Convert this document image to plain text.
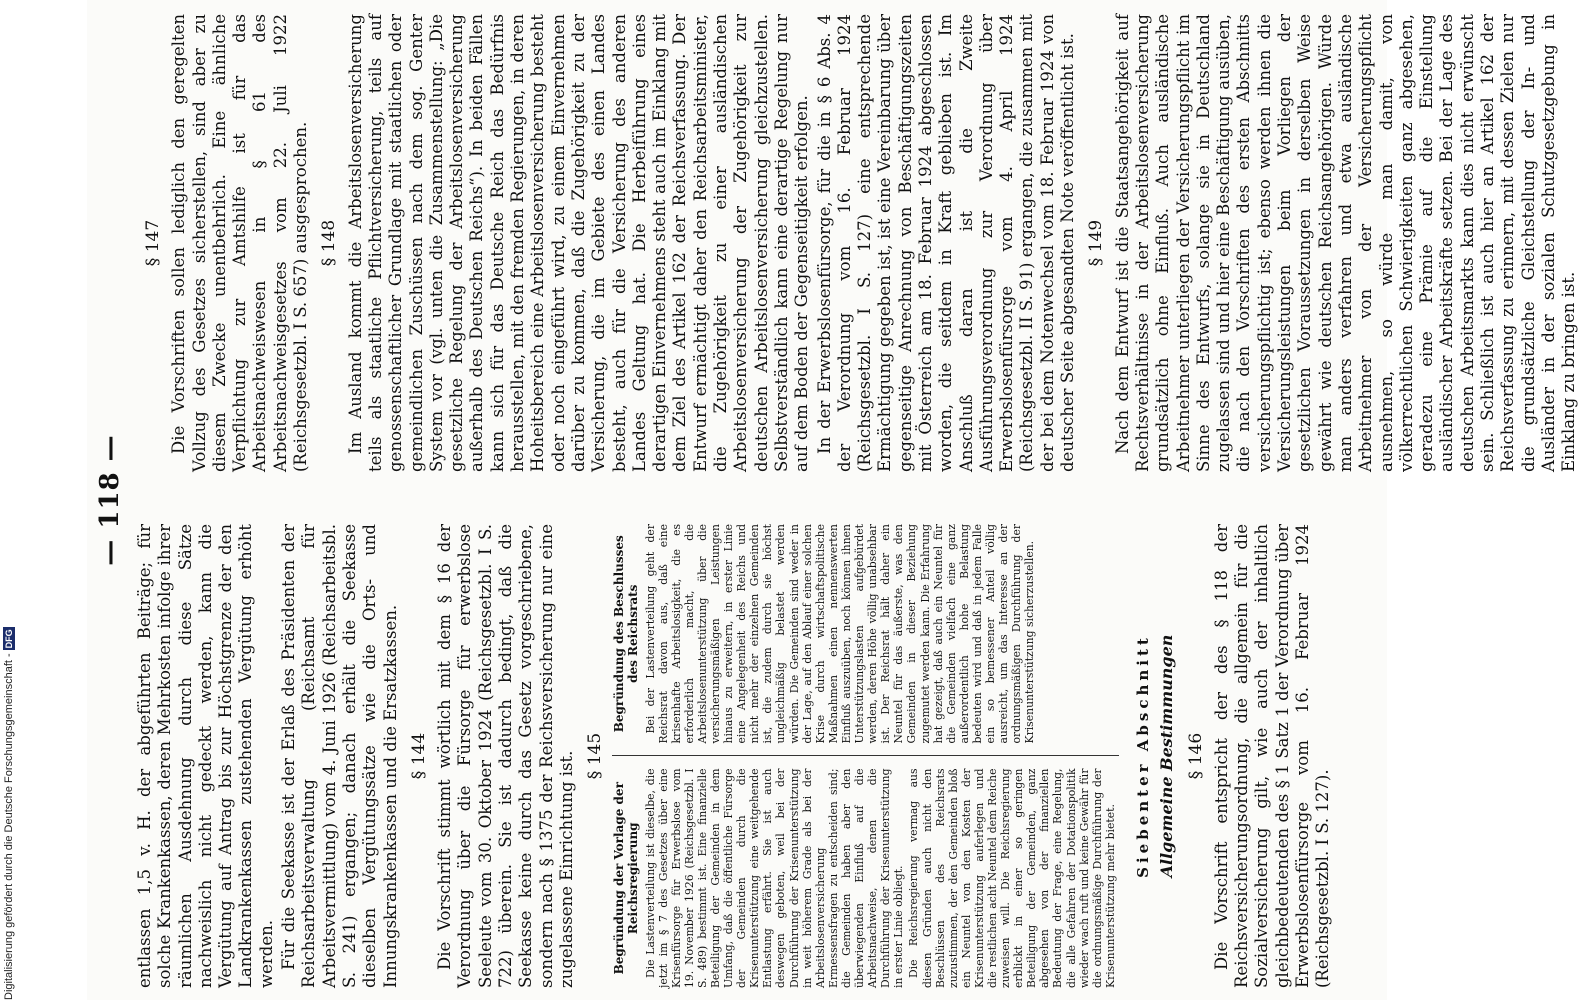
— 118 —

entlassen 1,5 v. H. der abgeführten Beiträge; für solche Krankenkassen, deren Mehrkosten infolge ihrer räumlichen Ausdehnung durch diese Sätze nachweislich nicht gedeckt werden, kann die Vergütung auf Antrag bis zur Höchstgrenze der den Landkrankenkassen zustehenden Vergütung erhöht werden. Für die Seekasse ist der Erlaß des Präsidenten der Reichsarbeitsverwaltung (Reichsamt für Arbeitsvermittlung) vom 4. Juni 1926 (Reichsarbeitsbl. S. 241) ergangen; danach erhält die Seekasse dieselben Vergütungssätze wie die Orts- und Innungskrankenkassen und die Ersatzkassen. § 144 Die Vorschrift stimmt wörtlich mit dem § 16 der Verordnung über die Fürsorge für erwerbslose Seeleute vom 30. Oktober 1924 (Reichsgesetzbl. I S. 722) überein. Sie ist dadurch bedingt, daß die Seekasse keine durch das Gesetz vorgeschriebene, sondern nach § 1375 der Reichsversicherung nur eine zugelassene Einrichtung ist. § 145
Begründung der Vorlage der Reichsregierung Die Lastenverteilung ist dieselbe, die jetzt im § 7 des Gesetzes über eine Krisenfürsorge für Erwerbslose vom 19. November 1926 (Reichsgesetzbl. I S. 489) bestimmt ist. Eine finanzielle Beteiligung der Gemeinden in dem Umfang, daß die öffentliche Fürsorge der Gemeinden durch die Krisenunterstützung eine weitgehende Entlastung erfährt. Sie ist auch deswegen geboten, weil bei der Durchführung der Krisenunterstützung in weit höherem Grade als bei der Arbeitslosenversicherung Ermessensfragen zu entscheiden sind; die Gemeinden haben aber den überwiegenden Einfluß auf die Arbeitsnachweise, denen die Durchführung der Krisenunterstützung in erster Linie obliegt. Die Reichsregierung vermag aus diesen Gründen auch nicht den Beschlüssen des Reichsrats zuzustimmen, der den Gemeinden bloß ein Neuntel von den Kosten der Krisenunterstützung auferlegen und die restlichen acht Neuntel dem Reiche zuweisen will. Die Reichsregierung erblickt in einer so geringen Beteiligung der Gemeinden, ganz abgesehen von der finanziellen Bedeutung der Frage, eine Regelung, die alle Gefahren der Dotationspolitik wieder wach ruft und keine Gewähr für die ordnungsmäßige Durchführung der Krisenunterstützung mehr bietet.

Begründung des Beschlusses des Reichsrats Bei der Lastenverteilung geht der Reichsrat davon aus, daß eine krisenhafte Arbeitslosigkeit, die es erforderlich macht, die Arbeitslosenunterstützung über die versicherungsmäßigen Leistungen hinaus zu erweitern, in erster Linie eine Angelegenheit des Reichs und nicht mehr der einzelnen Gemeinden ist, die zudem durch sie höchst ungleichmäßig belastet werden würden. Die Gemeinden sind weder in der Lage, auf den Ablauf einer solchen Krise durch wirtschaftspolitische Maßnahmen einen nennenswerten Einfluß auszuüben, noch können ihnen Unterstützungslasten aufgebürdet werden, deren Höhe völlig unabsehbar ist. Der Reichsrat hält daher ein Neuntel für das äußerste, was den Gemeinden in dieser Beziehung zugemutet werden kann. Die Erfahrung hat gezeigt, daß auch ein Neuntel für die Gemeinden vielfach eine ganz außerordentlich hohe Belastung bedeuten wird und daß in jedem Falle ein so bemessener Anteil völlig ausreicht, um das Interesse an der ordnungsmäßigen Durchführung der Krisenunterstützung sicherzustellen.	Siebenter Abschnitt Allgemeine Bestimmungen § 146 Die Vorschrift entspricht der des § 118 der Reichsversicherungsordnung, die allgemein für die Sozialversicherung gilt, wie auch der inhaltlich gleichbedeutenden des § 1 Satz 1 der Verordnung über Erwerbslosenfürsorge vom 16. Februar 1924 (Reichsgesetzbl. I S. 127).

§ 147 Die Vorschriften sollen lediglich den geregelten Vollzug des Gesetzes sicherstellen, sind aber zu diesem Zwecke unentbehrlich. Eine ähnliche Verpflichtung zur Amtshilfe ist für das Arbeitsnachweiswesen in § 61 des Arbeitsnachweisgesetzes vom 22. Juli 1922 (Reichsgesetzbl. I S. 657) ausgesprochen. § 148 Im Ausland kommt die Arbeitslosenversicherung teils als staatliche Pflichtversicherung, teils auf genossenschaftlicher Grundlage mit staatlichen oder gemeindlichen Zuschüssen nach dem sog. Genter System vor (vgl. unten die Zusammenstellung: „Die gesetzliche Regelung der Arbeitslosenversicherung außerhalb des Deutschen Reichs“). In beiden Fällen kann sich für das Deutsche Reich das Bedürfnis herausstellen, mit den fremden Regierungen, in deren Hoheitsbereich eine Arbeitslosenversicherung besteht oder noch eingeführt wird, zu einem Einvernehmen darüber zu kommen, daß die Zugehörigkeit zu der Versicherung, die im Gebiete des einen Landes besteht, auch für die Versicherung des anderen Landes Geltung hat. Die Herbeiführung eines derartigen Einvernehmens steht auch im Einklang mit dem Ziel des Artikel 162 der Reichsverfassung. Der Entwurf ermächtigt daher den Reichsarbeitsminister, die Zugehörigkeit zu einer ausländischen Arbeitslosenversicherung der Zugehörigkeit zur deutschen Arbeitslosenversicherung gleichzustellen. Selbstverständlich kann eine derartige Regelung nur auf dem Boden der Gegenseitigkeit erfolgen. In der Erwerbslosenfürsorge, für die in § 6 Abs. 4 der Verordnung vom 16. Februar 1924 (Reichsgesetzbl. I S. 127) eine entsprechende Ermächtigung gegeben ist, ist eine Vereinbarung über gegenseitige Anrechnung von Beschäftigungszeiten mit Österreich am 18. Februar 1924 abgeschlossen worden, die seitdem in Kraft geblieben ist. Im Anschluß daran ist die Zweite Ausführungsverordnung zur Verordnung über Erwerbslosenfürsorge vom 4. April 1924 (Reichsgesetzbl. II S. 91) ergangen, die zusammen mit der bei dem Notenwechsel vom 18. Februar 1924 von deutscher Seite abgesandten Note veröffentlicht ist. § 149 Nach dem Entwurf ist die Staatsangehörigkeit auf Rechtsverhältnisse in der Arbeitslosenversicherung grundsätzlich ohne Einfluß. Auch ausländische Arbeitnehmer unterliegen der Versicherungspflicht im Sinne des Entwurfs, solange sie in Deutschland zugelassen sind und hier eine Beschäftigung ausüben, die nach den Vorschriften des ersten Abschnitts versicherungspflichtig ist; ebenso werden ihnen die Versicherungsleistungen beim Vorliegen der gesetzlichen Voraussetzungen in derselben Weise gewährt wie deutschen Reichsangehörigen. Würde man anders verfahren und etwa ausländische Arbeitnehmer von der Versicherungspflicht ausnehmen, so würde man damit, von völkerrechtlichen Schwierigkeiten ganz abgesehen, geradezu eine Prämie auf die Einstellung ausländischer Arbeitskräfte setzen. Bei der Lage des deutschen Arbeitsmarkts kann dies nicht erwünscht sein. Schließlich ist auch hier an Artikel 162 der Reichsverfassung zu erinnern, mit dessen Zielen nur die grundsätzliche Gleichstellung der In- und Ausländer in der sozialen Schutzgesetzgebung in Einklang zu bringen ist.

Digitalisierung gefördert durch die Deutsche Forschungsgemeinschaft -
DFG
